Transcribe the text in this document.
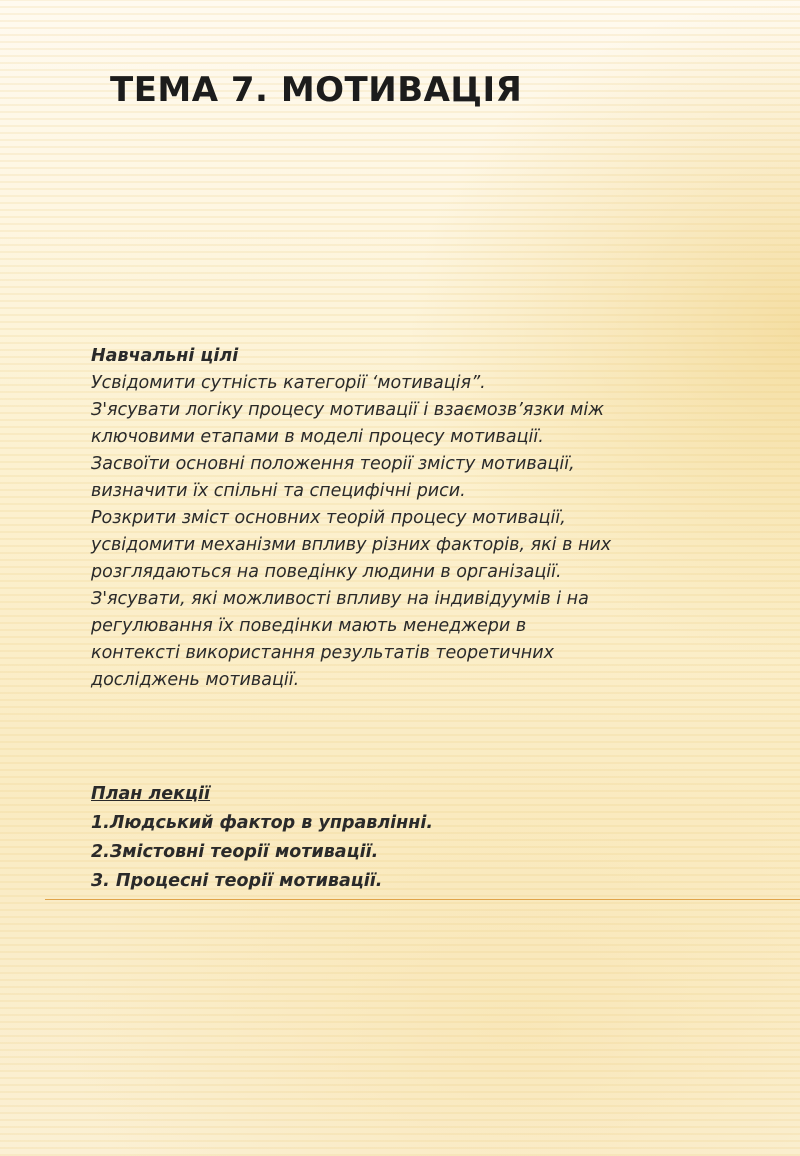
ТЕМА 7. МОТИВАЦІЯ
Навчальні цілі
Усвідомити сутність категорії ‘мотивація”.
З'ясувати логіку процесу мотивації і взаємозв’язки між
ключовими етапами в моделі процесу мотивації.
Засвоїти основні положення теорії змісту мотивації,
визначити їх спільні та специфічні риси.
Розкрити зміст основних теорій процесу мотивації,
усвідомити механізми впливу різних факторів, які в них
розглядаються на поведінку людини в організації.
З'ясувати, які можливості впливу на індивідуумів і на
регулювання їх поведінки мають менеджери в
контексті використання результатів теоретичних
досліджень мотивації.
План лекції
1.Людський фактор в управлінні.
2.Змістовні теорії мотивації.
3. Процесні теорії мотивації.
